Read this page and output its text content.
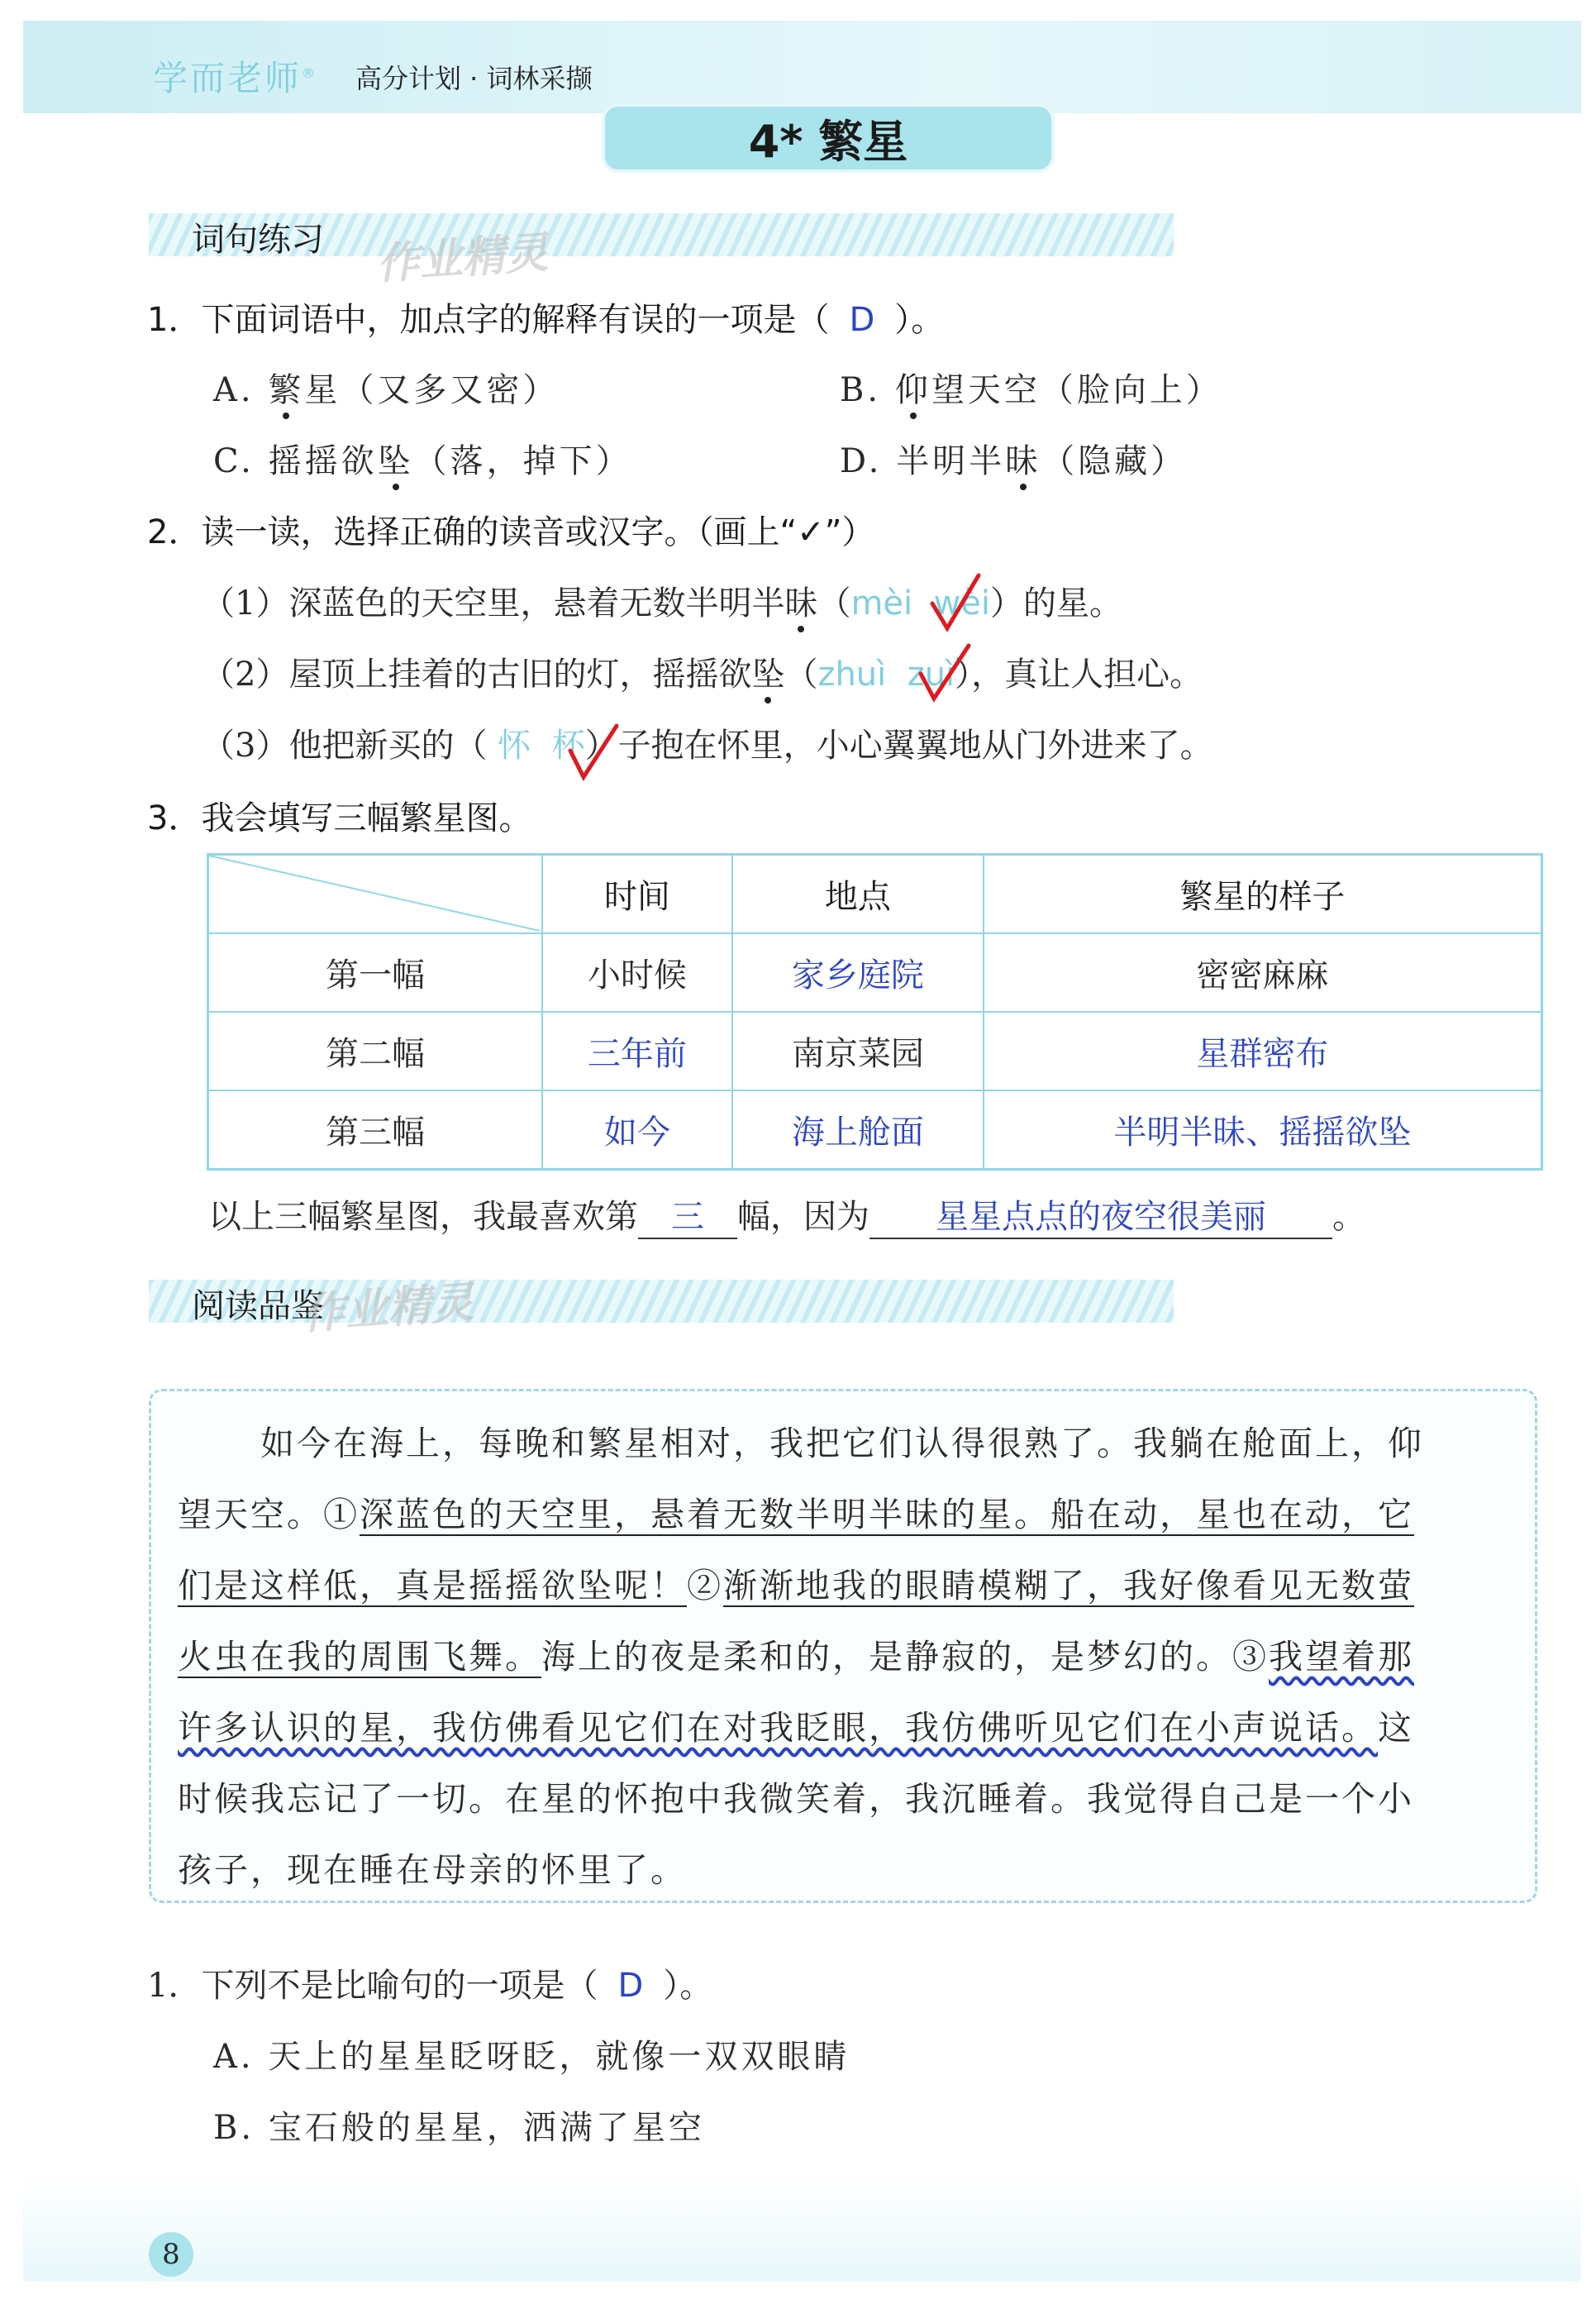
学而老师® 高分计划 · 词林采撷
4* 繁星
词句练习 作业精灵
1．下面词语中，加点字的解释有误的一项是（ D ）。
A. 繁星（又多又密）	B. 仰望天空（脸向上）
C. 摇摇欲坠（落，掉下）	D. 半明半昧（隐藏）
2．读一读，选择正确的读音或汉字。（画上“✓”）
（1）深蓝色的天空里，悬着无数半明半昧（mèi wèi）的星。
（2）屋顶上挂着的古旧的灯，摇摇欲坠（zhuì zuì），真让人担心。
（3）他把新买的（ 怀 杯）子抱在怀里，小心翼翼地从门外进来了。
3．我会填写三幅繁星图。
	时间	地点	繁星的样子
第一幅	小时候	家乡庭院	密密麻麻
第二幅	三年前	南京菜园	星群密布
第三幅	如今	海上舱面	半明半昧、摇摇欲坠
以上三幅繁星图，我最喜欢第 三 幅，因为 星星点点的夜空很美丽 。
阅读品鉴
作业精灵
如今在海上，每晚和繁星相对，我把它们认得很熟了。我躺在舱面上，仰
望天空。①深蓝色的天空里，悬着无数半明半昧的星。船在动，星也在动，它
们是这样低，真是摇摇欲坠呢！②渐渐地我的眼睛模糊了，我好像看见无数萤
火虫在我的周围飞舞。海上的夜是柔和的，是静寂的，是梦幻的。③我望着那
许多认识的星，我仿佛看见它们在对我眨眼，我仿佛听见它们在小声说话。这
时候我忘记了一切。在星的怀抱中我微笑着，我沉睡着。我觉得自己是一个小
孩子，现在睡在母亲的怀里了。
1．下列不是比喻句的一项是（ D ）。
A. 天上的星星眨呀眨，就像一双双眼睛
B. 宝石般的星星，洒满了星空
8
